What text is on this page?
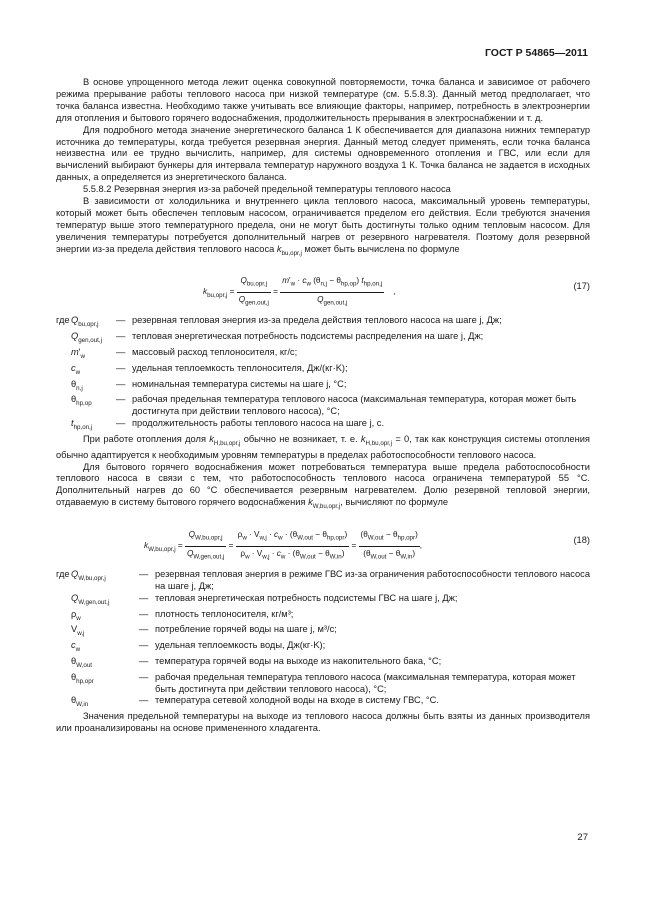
ГОСТ Р 54865—2011

В основе упрощенного метода лежит оценка совокупной повторяемости, точка баланса и зависимое от рабочего режима прерывание работы теплового насоса при низкой температуре (см. 5.5.8.3). Данный метод предполагает, что точка баланса известна. Необходимо также учитывать все влияющие факторы, например, потребность в электроэнергии для отопления и бытового горячего водоснабжения, продолжительность прерывания в электроснабжении и т. д.

Для подробного метода значение энергетического баланса 1 К обеспечивается для диапазона нижних температур источника до температуры, когда требуется резервная энергия. Данный метод следует применять, если точка баланса неизвестна или ее трудно вычислить, например, для системы одновременного отопления и ГВС, или если для вычислений выбирают бункеры для интервала температур наружного воздуха 1 К. Точка баланса не задается в исходных данных, а определяется из энергетического баланса.

5.5.8.2 Резервная энергия из-за рабочей предельной температуры теплового насоса

В зависимости от холодильника и внутреннего цикла теплового насоса, максимальный уровень температуры, который может быть обеспечен тепловым насосом, ограничивается пределом его действия. Если требуются значения температур выше этого температурного предела, они не могут быть достигнуты только одним тепловым насосом. Для увеличения температуры потребуется дополнительный нагрев от резервного нагревателя. Поэтому доля резервной энергии из-за предела действия теплового насоса $k_{bu,opr,j}$ может быть вычислена по формуле

$k_{bu,opr,j} = \frac{Q_{bu,opr,j}}{Q_{gen,out,j}} = \frac{m'_w \cdot c_w (\theta_{n,j} - \theta_{hp,op}) t_{hp,on,j}}{Q_{gen,out,j}}$ ,
(17)
где	$Q_{bu,opr,j}$	—	резервная тепловая энергия из-за предела действия теплового насоса на шаге j, Дж;
	$Q_{gen,out,j}$	—	тепловая энергетическая потребность подсистемы распределения на шаге j, Дж;
	$m'_w$	—	массовый расход теплоносителя, кг/с;
	$c_w$	—	удельная теплоемкость теплоносителя, Дж/(кг·K);
	$\theta_{n,j}$	—	номинальная температура системы на шаге j, °С;
	$\theta_{hp,op}$	—	рабочая предельная температура теплового насоса (максимальная температура, которая может быть достигнута при действии теплового насоса), °С;
	$t_{hp,on,j}$	—	продолжительность работы теплового насоса на шаге j, с.

При работе отопления доля $k_{H,bu,opr,j}$ обычно не возникает, т. е. $k_{H,bu,opr,j} = 0$, так как конструкция системы отопления обычно адаптируется к необходимым уровням температуры в пределах работоспособности теплового насоса.

Для бытового горячего водоснабжения может потребоваться температура выше предела работоспособности теплового насоса в связи с тем, что работоспособность теплового насоса ограничена температурой 55 °С. Дополнительный нагрев до 60 °С обеспечивается резервным нагревателем. Долю резервной тепловой энергии, отдаваемую в систему бытового горячего водоснабжения $k_{W,bu,opr,j}$, вычисляют по формуле

$k_{W,bu,opr,j} = \frac{Q_{W,bu,opr,j}}{Q_{W,gen,out,j}} = \frac{\rho_w \cdot V_{w,j} \cdot c_w \cdot (\theta_{W,out} - \theta_{hp,opr})}{\rho_w \cdot V_{w,j} \cdot c_w \cdot (\theta_{W,out} - \theta_{W,in})} = \frac{(\theta_{W,out} - \theta_{hp,opr})}{(\theta_{W,out} - \theta_{W,in})}$ ,
(18)
где	$Q_{W,bu,opr,j}$	—	резервная тепловая энергия в режиме ГВС из-за ограничения работоспособности теплового насоса на шаге j, Дж;
	$Q_{W,gen,out,j}$	—	тепловая энергетическая потребность подсистемы ГВС на шаге j, Дж;
	$\rho_w$	—	плотность теплоносителя, кг/м³;
	$V_{w,j}$	—	потребление горячей воды на шаге j, м³/с;
	$c_w$	—	удельная теплоемкость воды, Дж(кг·K);
	$\theta_{W,out}$	—	температура горячей воды на выходе из накопительного бака, °С;
	$\theta_{hp,opr}$	—	рабочая предельная температура теплового насоса (максимальная температура, которая может быть достигнута при действии теплового насоса), °С;
	$\theta_{W,in}$	—	температура сетевой холодной воды на входе в систему ГВС, °С.

Значения предельной температуры на выходе из теплового насоса должны быть взяты из данных производителя или проанализированы на основе примененного хладагента.

27
